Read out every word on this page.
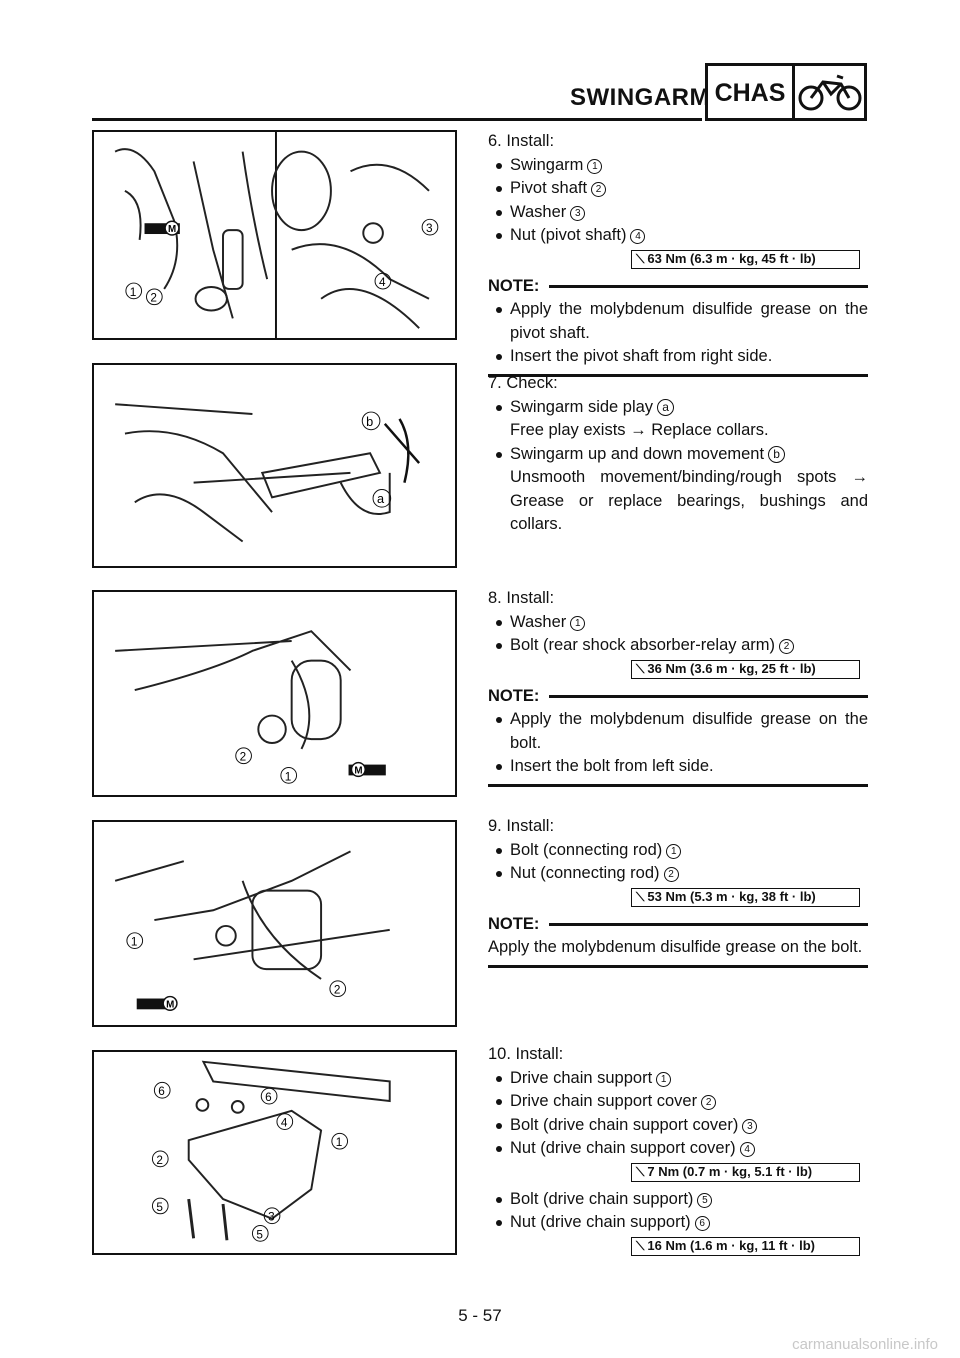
SWINGARM CHAS
M
1 2
3
4
b
a
2
1	M
1
M
2
6	6
4
1
2
5
3
5
6. Install:
Swingarm 1
Pivot shaft 2
Washer 3
Nut (pivot shaft) 4
⟍ 63 Nm (6.3 m · kg, 45 ft · lb)
NOTE:
Apply the molybdenum disulfide grease on the pivot shaft.
Insert the pivot shaft from right side.
7. Check:
Swingarm side play a
Free play exists → Replace collars.
Swingarm up and down movement b
Unsmooth movement/binding/rough spots → Grease or replace bearings, bushings and collars.
8. Install:
Washer 1
Bolt (rear shock absorber-relay arm) 2
⟍ 36 Nm (3.6 m · kg, 25 ft · lb)
NOTE:
Apply the molybdenum disulfide grease on the bolt.
Insert the bolt from left side.
9. Install:
Bolt (connecting rod) 1
Nut (connecting rod) 2
⟍ 53 Nm (5.3 m · kg, 38 ft · lb)
NOTE:
Apply the molybdenum disulfide grease on the bolt.
10. Install:
Drive chain support 1
Drive chain support cover 2
Bolt (drive chain support cover) 3
Nut (drive chain support cover) 4
⟍ 7 Nm (0.7 m · kg, 5.1 ft · lb)
Bolt (drive chain support) 5
Nut (drive chain support) 6
⟍ 16 Nm (1.6 m · kg, 11 ft · lb)
5 - 57
carmanualsonline.info
